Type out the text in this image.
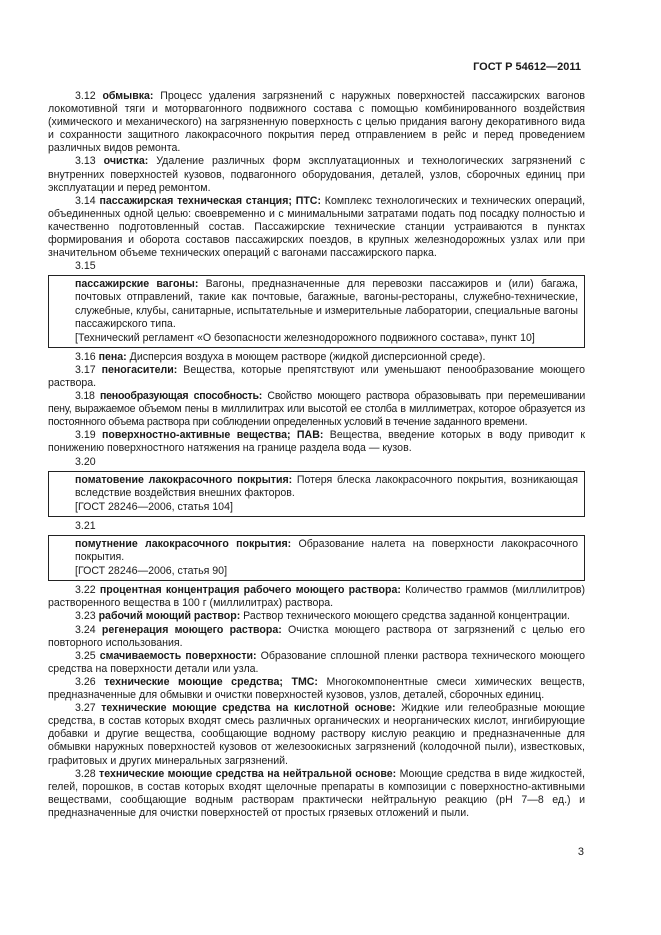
ГОСТ Р 54612—2011

3.12 обмывка: Процесс удаления загрязнений с наружных поверхностей пассажирских вагонов локомотивной тяги и моторвагонного подвижного состава с помощью комбинированного воздействия (химического и механического) на загрязненную поверхность с целью придания вагону декоративного вида и сохранности защитного лакокрасочного покрытия перед отправлением в рейс и перед проведением различных видов ремонта.

3.13 очистка: Удаление различных форм эксплуатационных и технологических загрязнений с внутренних поверхностей кузовов, подвагонного оборудования, деталей, узлов, сборочных единиц при эксплуатации и перед ремонтом.

3.14 пассажирская техническая станция; ПТС: Комплекс технологических и технических операций, объединенных одной целью: своевременно и с минимальными затратами подать под посадку полностью и качественно подготовленный состав. Пассажирские технические станции устраиваются в пунктах формирования и оборота составов пассажирских поездов, в крупных железнодорожных узлах или при значительном объеме технических операций с вагонами пассажирского парка.

3.15

пассажирские вагоны: Вагоны, предназначенные для перевозки пассажиров и (или) багажа, почтовых отправлений, такие как почтовые, багажные, вагоны-рестораны, служебно-технические, служебные, клубы, санитарные, испытательные и измерительные лаборатории, специальные вагоны пассажирского типа.
[Технический регламент «О безопасности железнодорожного подвижного состава», пункт 10]

3.16 пена: Дисперсия воздуха в моющем растворе (жидкой дисперсионной среде).

3.17 пеногасители: Вещества, которые препятствуют или уменьшают пенообразование моющего раствора.

3.18 пенообразующая способность: Свойство моющего раствора образовывать при перемешивании пену, выражаемое объемом пены в миллилитрах или высотой ее столба в миллиметрах, которое образуется из постоянного объема раствора при соблюдении определенных условий в течение заданного времени.

3.19 поверхностно-активные вещества; ПАВ: Вещества, введение которых в воду приводит к понижению поверхностного натяжения на границе раздела вода — кузов.

3.20

поматовение лакокрасочного покрытия: Потеря блеска лакокрасочного покрытия, возникающая вследствие воздействия внешних факторов.
[ГОСТ 28246—2006, статья 104]

3.21

помутнение лакокрасочного покрытия: Образование налета на поверхности лакокрасочного покрытия.
[ГОСТ 28246—2006, статья 90]

3.22 процентная концентрация рабочего моющего раствора: Количество граммов (миллилитров) растворенного вещества в 100 г (миллилитрах) раствора.

3.23 рабочий моющий раствор: Раствор технического моющего средства заданной концентрации.

3.24 регенерация моющего раствора: Очистка моющего раствора от загрязнений с целью его повторного использования.

3.25 смачиваемость поверхности: Образование сплошной пленки раствора технического моющего средства на поверхности детали или узла.

3.26 технические моющие средства; ТМС: Многокомпонентные смеси химических веществ, предназначенные для обмывки и очистки поверхностей кузовов, узлов, деталей, сборочных единиц.

3.27 технические моющие средства на кислотной основе: Жидкие или гелеобразные моющие средства, в состав которых входят смесь различных органических и неорганических кислот, ингибирующие добавки и другие вещества, сообщающие водному раствору кислую реакцию и предназначенные для обмывки наружных поверхностей кузовов от железоокисных загрязнений (колодочной пыли), известковых, графитовых и других минеральных загрязнений.

3.28 технические моющие средства на нейтральной основе: Моющие средства в виде жидкостей, гелей, порошков, в состав которых входят щелочные препараты в композиции с поверхностно-активными веществами, сообщающие водным растворам практически нейтральную реакцию (pH 7—8 ед.) и предназначенные для очистки поверхностей от простых грязевых отложений и пыли.

3
